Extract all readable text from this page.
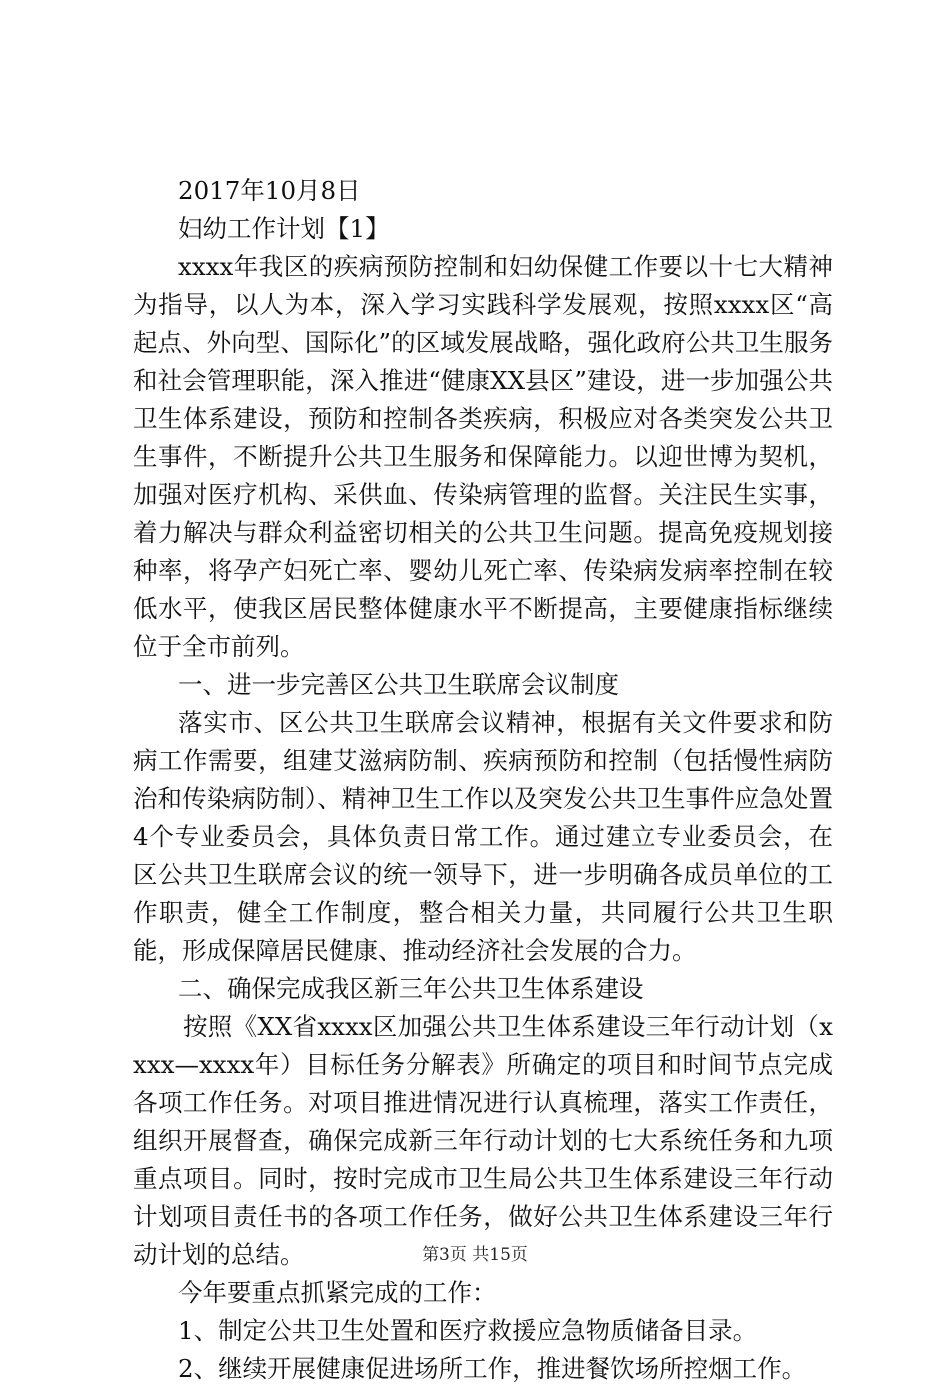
2017年10月8日

妇幼工作计划【1】

xxxx年我区的疾病预防控制和妇幼保健工作要以十七大精神为指导，以人为本，深入学习实践科学发展观，按照xxxx区“高起点、外向型、国际化”的区域发展战略，强化政府公共卫生服务和社会管理职能，深入推进“健康XX县区”建设，进一步加强公共卫生体系建设，预防和控制各类疾病，积极应对各类突发公共卫生事件，不断提升公共卫生服务和保障能力。以迎世博为契机，加强对医疗机构、采供血、传染病管理的监督。关注民生实事，着力解决与群众利益密切相关的公共卫生问题。提高免疫规划接种率，将孕产妇死亡率、婴幼儿死亡率、传染病发病率控制在较低水平，使我区居民整体健康水平不断提高，主要健康指标继续位于全市前列。

一、进一步完善区公共卫生联席会议制度

落实市、区公共卫生联席会议精神，根据有关文件要求和防病工作需要，组建艾滋病防制、疾病预防和控制（包括慢性病防治和传染病防制）、精神卫生工作以及突发公共卫生事件应急处置4个专业委员会，具体负责日常工作。通过建立专业委员会，在区公共卫生联席会议的统一领导下，进一步明确各成员单位的工作职责，健全工作制度，整合相关力量，共同履行公共卫生职能，形成保障居民健康、推动经济社会发展的合力。

二、确保完成我区新三年公共卫生体系建设

按照《XX省xxxx区加强公共卫生体系建设三年行动计划（xxxx—xxxx年）目标任务分解表》所确定的项目和时间节点完成各项工作任务。对项目推进情况进行认真梳理，落实工作责任，组织开展督查，确保完成新三年行动计划的七大系统任务和九项重点项目。同时，按时完成市卫生局公共卫生体系建设三年行动计划项目责任书的各项工作任务，做好公共卫生体系建设三年行动计划的总结。

今年要重点抓紧完成的工作：

1、制定公共卫生处置和医疗救援应急物质储备目录。

2、继续开展健康促进场所工作，推进餐饮场所控烟工作。

第3页 共15页
